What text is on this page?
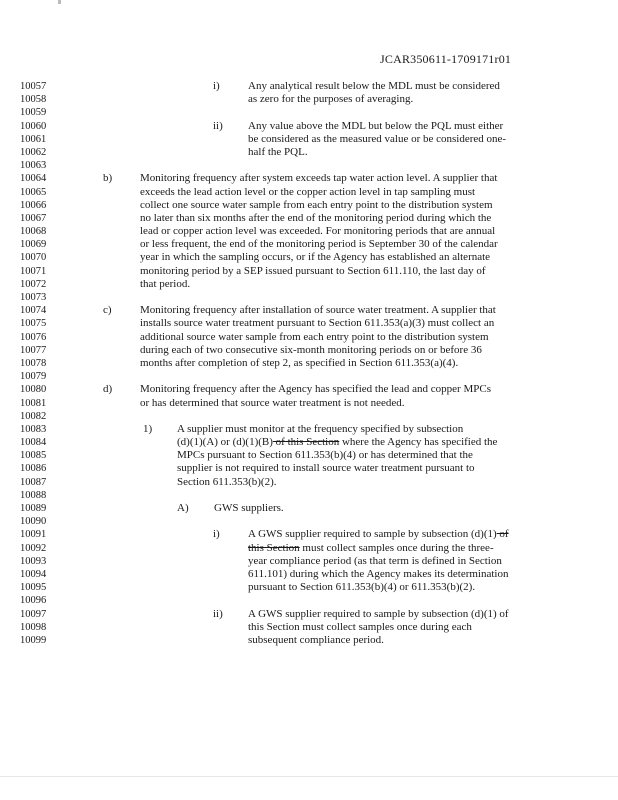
JCAR350611-1709171r01
10057
10058
10059
10060
10061
10062
10063
10064
10065
10066
10067
10068
10069
10070
10071
10072
10073
10074
10075
10076
10077
10078
10079
10080
10081
10082
10083
10084
10085
10086
10087
10088
10089
10090
10091
10092
10093
10094
10095
10096
10097
10098
10099
i)	Any analytical result below the MDL must be considered
as zero for the purposes of averaging.
ii) Any value above the MDL but below the PQL must either
be considered as the measured value or be considered one-
half the PQL.
b)	Monitoring frequency after system exceeds tap water action level. A supplier that
exceeds the lead action level or the copper action level in tap sampling must
collect one source water sample from each entry point to the distribution system
no later than six months after the end of the monitoring period during which the
lead or copper action level was exceeded. For monitoring periods that are annual
or less frequent, the end of the monitoring period is September 30 of the calendar
year in which the sampling occurs, or if the Agency has established an alternate
monitoring period by a SEP issued pursuant to Section 611.110, the last day of
that period.
c)	Monitoring frequency after installation of source water treatment. A supplier that
installs source water treatment pursuant to Section 611.353(a)(3) must collect an
additional source water sample from each entry point to the distribution system
during each of two consecutive six-month monitoring periods on or before 36
months after completion of step 2, as specified in Section 611.353(a)(4).
d)	Monitoring frequency after the Agency has specified the lead and copper MPCs
or has determined that source water treatment is not needed.
1) A supplier must monitor at the frequency specified by subsection
(d)(1)(A) or (d)(1)(B) of this Section where the Agency has specified the
MPCs pursuant to Section 611.353(b)(4) or has determined that the
supplier is not required to install source water treatment pursuant to
Section 611.353(b)(2).
A) GWS suppliers.
i)	A GWS supplier required to sample by subsection (d)(1) of
this Section must collect samples once during the three-
year compliance period (as that term is defined in Section
611.101) during which the Agency makes its determination
pursuant to Section 611.353(b)(4) or 611.353(b)(2).
ii) A GWS supplier required to sample by subsection (d)(1) of
this Section must collect samples once during each
subsequent compliance period.
